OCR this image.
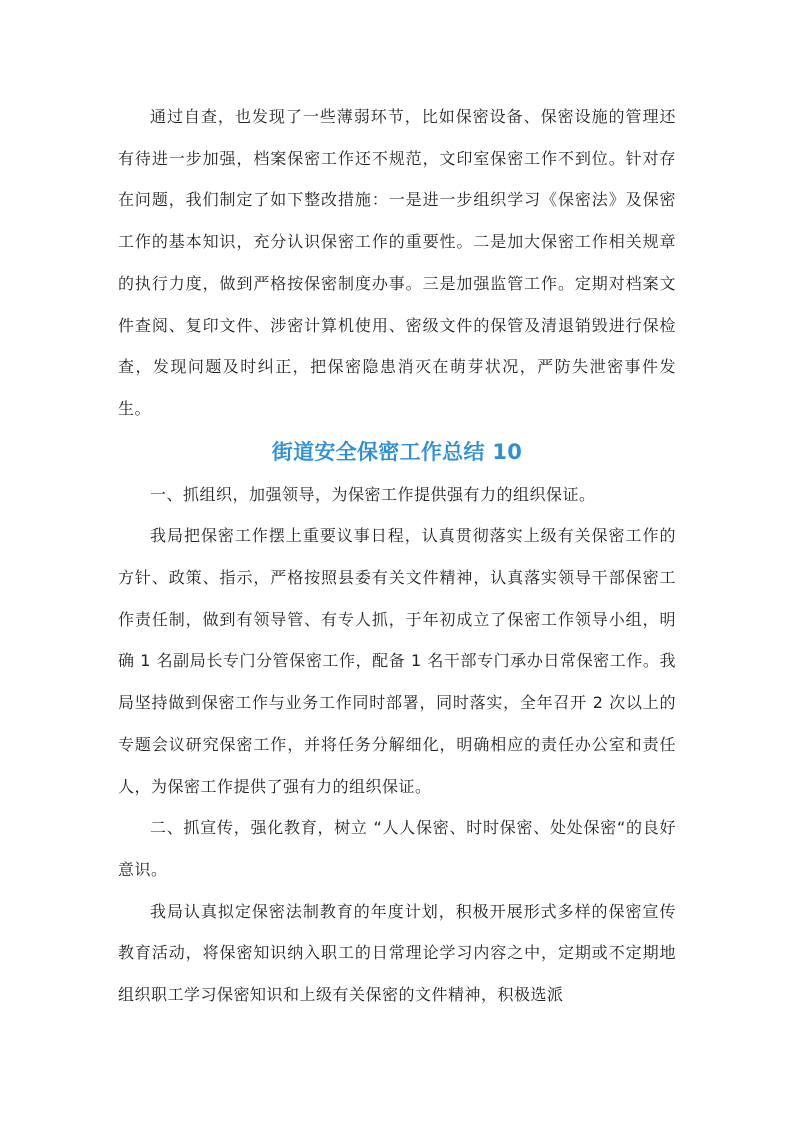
通过自查，也发现了一些薄弱环节，比如保密设备、保密设施的管理还有待进一步加强，档案保密工作还不规范，文印室保密工作不到位。针对存在问题，我们制定了如下整改措施：一是进一步组织学习《保密法》及保密工作的基本知识，充分认识保密工作的重要性。二是加大保密工作相关规章的执行力度，做到严格按保密制度办事。三是加强监管工作。定期对档案文件查阅、复印文件、涉密计算机使用、密级文件的保管及清退销毁进行保检查，发现问题及时纠正，把保密隐患消灭在萌芽状况，严防失泄密事件发生。

街道安全保密工作总结 10

一、抓组织，加强领导，为保密工作提供强有力的组织保证。

我局把保密工作摆上重要议事日程，认真贯彻落实上级有关保密工作的方针、政策、指示，严格按照县委有关文件精神，认真落实领导干部保密工作责任制，做到有领导管、有专人抓，于年初成立了保密工作领导小组，明确 1 名副局长专门分管保密工作，配备 1 名干部专门承办日常保密工作。我局坚持做到保密工作与业务工作同时部署，同时落实，全年召开 2 次以上的专题会议研究保密工作，并将任务分解细化，明确相应的责任办公室和责任人，为保密工作提供了强有力的组织保证。

二、抓宣传，强化教育，树立 “人人保密、时时保密、处处保密“的良好意识。

我局认真拟定保密法制教育的年度计划，积极开展形式多样的保密宣传教育活动，将保密知识纳入职工的日常理论学习内容之中，定期或不定期地组织职工学习保密知识和上级有关保密的文件精神，积极选派
